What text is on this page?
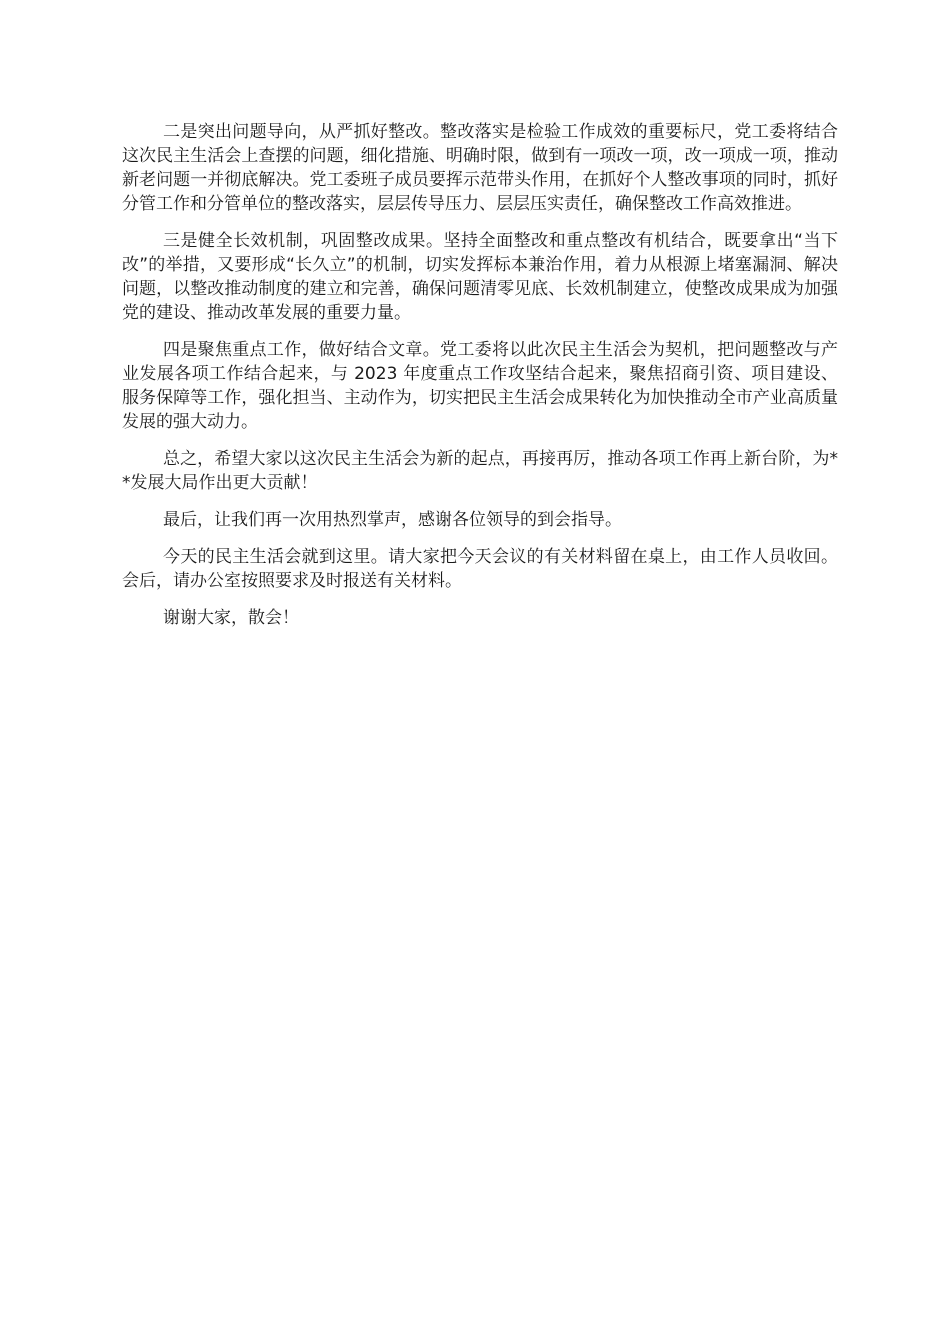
二是突出问题导向，从严抓好整改。整改落实是检验工作成效的重要标尺，党工委将结合这次民主生活会上查摆的问题，细化措施、明确时限，做到有一项改一项，改一项成一项，推动新老问题一并彻底解决。党工委班子成员要挥示范带头作用，在抓好个人整改事项的同时，抓好分管工作和分管单位的整改落实，层层传导压力、层层压实责任，确保整改工作高效推进。

三是健全长效机制，巩固整改成果。坚持全面整改和重点整改有机结合，既要拿出“当下改”的举措，又要形成“长久立”的机制，切实发挥标本兼治作用，着力从根源上堵塞漏洞、解决问题，以整改推动制度的建立和完善，确保问题清零见底、长效机制建立，使整改成果成为加强党的建设、推动改革发展的重要力量。

四是聚焦重点工作，做好结合文章。党工委将以此次民主生活会为契机，把问题整改与产业发展各项工作结合起来，与 2023 年度重点工作攻坚结合起来，聚焦招商引资、项目建设、服务保障等工作，强化担当、主动作为，切实把民主生活会成果转化为加快推动全市产业高质量发展的强大动力。

总之，希望大家以这次民主生活会为新的起点，再接再厉，推动各项工作再上新台阶，为**发展大局作出更大贡献！

最后，让我们再一次用热烈掌声，感谢各位领导的到会指导。

今天的民主生活会就到这里。请大家把今天会议的有关材料留在桌上，由工作人员收回。会后，请办公室按照要求及时报送有关材料。

谢谢大家，散会！
